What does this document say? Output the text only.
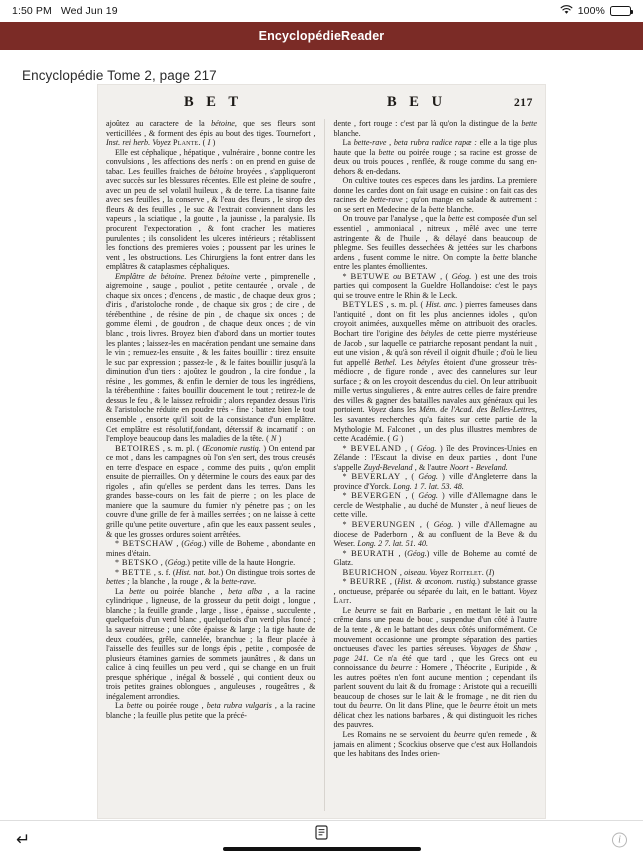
1:50 PM Wed Jun 19	100%
EncyclopédieReader
Encyclopédie Tome 2, page 217
B E T	B E U	217

ajoûtez au caractere de la bétoine, que ses fleurs sont verticillées , & forment des épis au bout des tiges. Tournefort , Inst. rei herb. Voyez Plante. ( I )

Elle est céphalique , hépatique , vulnéraire , bonne contre les convulsions , les affections des nerfs : on en prend en guise de tabac. Les feuilles fraiches de bétoine broyées , s'appliqueront avec succès sur les blessures récentes. Elle est pleine de soufre , avec un peu de sel volatil huileux , & de terre. La tisanne faite avec ses feuilles , la conserve , & l'eau des fleurs , le sirop des fleurs & des feuilles , le suc & l'extrait conviennent dans les vapeurs , la sciatique , la goutte , la jaunisse , la paralysie. Ils procurent l'expectoration , & font cracher les matieres purulentes ; ils consolident les ulceres intérieurs ; rétablissent les fonctions des premieres voies ; poussent par les urines le vent , les obstructions. Les Chirurgiens la font entrer dans les emplâtres & cataplasmes céphaliques.

Emplâtre de bétoine. Prenez bétoine verte , pimprenelle , aigremoine , sauge , pouliot , petite centaurée , orvale , de chaque six onces ; d'encens , de mastic , de chaque deux gros ; d'iris , d'aristoloche ronde , de chaque six gros ; de cire , de térébenthine , de résine de pin , de chaque six onces ; de gomme élemi , de goudron , de chaque deux onces ; de vin blanc , trois livres. Broyez bien d'abord dans un mortier toutes les plantes ; laissez-les en macération pendant une semaine dans le vin ; remuez-les ensuite , & les faites bouillir : tirez ensuite le suc par expression ; passez-le , & le faites bouillir jusqu'à la diminution d'un tiers : ajoûtez le goudron , la cire fondue , la résine , les gommes, & enfin le dernier de tous les ingrédiens, la térébenthine : faites bouillir doucement le tout ; retirez-le de dessus le feu , & le laissez refroidir ; alors repandez dessus l'iris & l'aristoloche réduite en poudre très - fine : battez bien le tout ensemble , ensorte qu'il soit de la consistance d'un emplâtre. Cet emplâtre est résolutif,fondant, déterssif & incarnatif : on l'employe beaucoup dans les maladies de la tête. ( N )

BETOIRES , s. m. pl. ( Œconomie rustiq. ) On entend par ce mot , dans les campagnes où l'on s'en sert, des trous creusés en terre d'espace en espace , comme des puits , qu'on emplit ensuite de pierrailles. On y détermine le cours des eaux par des rigoles , afin qu'elles se perdent dans les terres. Dans les grandes basse-cours on les fait de pierre ; on les place de maniere que la saumure du fumier n'y pénetre pas ; on les couvre d'une grille de fer à mailles serrées ; on ne laisse à cette grille qu'une petite ouverture , afin que les eaux passent seules , & que les grosses ordures soient arrêtées.

* BETSCHAW , (Géog.) ville de Boheme , abondante en mines d'étain.

* BETSKO , (Géog.) petite ville de la haute Hongrie.

* BETTE , s. f. (Hist. nat. bot.) On distingue trois sortes de bettes ; la blanche , la rouge , & la bette-rave.

La bette ou poirée blanche , beta alba , a la racine cylindrique , ligneuse, de la grosseur du petit doigt , longue , blanche ; la feuille grande , large , lisse , épaisse , succulente , quelquefois d'un verd blanc , quelquefois d'un verd plus foncé ; la saveur nitreuse ; une côte épaisse & large ; la tige haute de deux coudées, grêle, cannelée, branchue ; la fleur placée à l'aisselle des feuilles sur de longs épis , petite , composée de plusieurs étamines garnies de sommets jaunâtres , & dans un calice à cinq feuilles un peu verd , qui se change en un fruit presque sphérique , inégal & bosselé , qui contient deux ou trois petites graines oblongues , anguleuses , rougeâtres , & inégalement arrondies.

La bette ou poirée rouge , beta rubra vulgaris , a la racine blanche ; la feuille plus petite que la précé-

dente , fort rouge : c'est par là qu'on la distingue de la bette blanche.

La bette-rave , beta rubra radice rapæ : elle a la tige plus haute que la bette ou poirée rouge ; sa racine est grosse de deux ou trois pouces , renflée, & rouge comme du sang en-dehors & en-dedans.

On cultive toutes ces especes dans les jardins. La premiere donne les cardes dont on fait usage en cuisine : on fait cas des racines de bette-rave ; qu'on mange en salade & autrement : on se sert en Medecine de la bette blanche.

On trouve par l'analyse , que la bette est composée d'un sel essentiel , ammoniacal , nitreux , mêlé avec une terre astringente & de l'huile , & délayé dans beaucoup de phlegme. Ses feuilles dessechées & jettées sur les charbons ardens , fusent comme le nitre. On compte la bette blanche entre les plantes émollientes.

* BETUWE ou BETAW , ( Géog. ) est une des trois parties qui composent la Gueldre Hollandoise: c'est le pays qui se trouve entre le Rhin & le Leck.

BETYLES , s. m. pl. ( Hist. anc. ) pierres fameuses dans l'antiquité , dont on fit les plus anciennes idoles , qu'on croyoit animées, auxquelles même on attribuoit des oracles. Bochart tire l'origine des bétyles de cette pierre mystérieuse de Jacob , sur laquelle ce patriarche reposant pendant la nuit , eut une vision , & qu'à son réveil il oignit d'huile ; d'où le lieu fut appellé Bethel. Les bétyles étoient d'une grosseur très-médiocre , de figure ronde , avec des cannelures sur leur surface ; & on les croyoit descendus du ciel. On leur attribuoit mille vertus singulieres , & entre autres celles de faire prendre des villes & gagner des batailles navales aux généraux qui les portoient. Voyez dans les Mém. de l'Acad. des Belles-Lettres, les savantes recherches qu'a faites sur cette partie de la Mythologie M. Falconet , un des plus illustres membres de cette Académie. ( G )

* BEVELAND , ( Géog. ) île des Provinces-Unies en Zélande : l'Escaut la divise en deux parties , dont l'une s'appelle Zuyd-Beveland , & l'autre Noort - Beveland.

* BEVERLAY , ( Géog. ) ville d'Angleterre dans la province d'Yorck. Long. 1 7. lat. 53. 48.

* BEVERGEN , ( Géog. ) ville d'Allemagne dans le cercle de Westphalie , au duché de Munster , à neuf lieues de cette ville.

* BEVERUNGEN , ( Géog. ) ville d'Allemagne au diocese de Paderborn , & au confluent de la Beve & du Weser. Long. 2 7. lat. 51. 40.

* BEURATH , (Géog.) ville de Boheme au comté de Glatz.

BEURICHON , oiseau. Voyez Roitelet. (I)

* BEURRE , (Hist. & œconom. rustiq.) substance grasse , onctueuse, préparée ou séparée du lait, en le battant. Voyez Lait.

Le beurre se fait en Barbarie , en mettant le lait ou la crême dans une peau de bouc , suspendue d'un côté à l'autre de la tente , & en le battant des deux côtés uniformément. Ce mouvement occasionne une prompte séparation des parties onctueuses d'avec les parties séreuses. Voyages de Shaw , page 241. Ce n'a été que tard , que les Grecs ont eu connoissance du beurre : Homere , Théocrite , Euripide , & les autres poëtes n'en font aucune mention ; cependant ils parlent souvent du lait & du fromage : Aristote qui a recueilli beaucoup de choses sur le lait & le fromage , ne dit rien du tout du beurre. On lit dans Pline, que le beurre étoit un mets délicat chez les nations barbares , & qui distinguoit les riches des pauvres.

Les Romains ne se servoient du beurre qu'en remede , & jamais en aliment ; Scockius observe que c'est aux Hollandois que les habitans des Indes orien-

↵	i
